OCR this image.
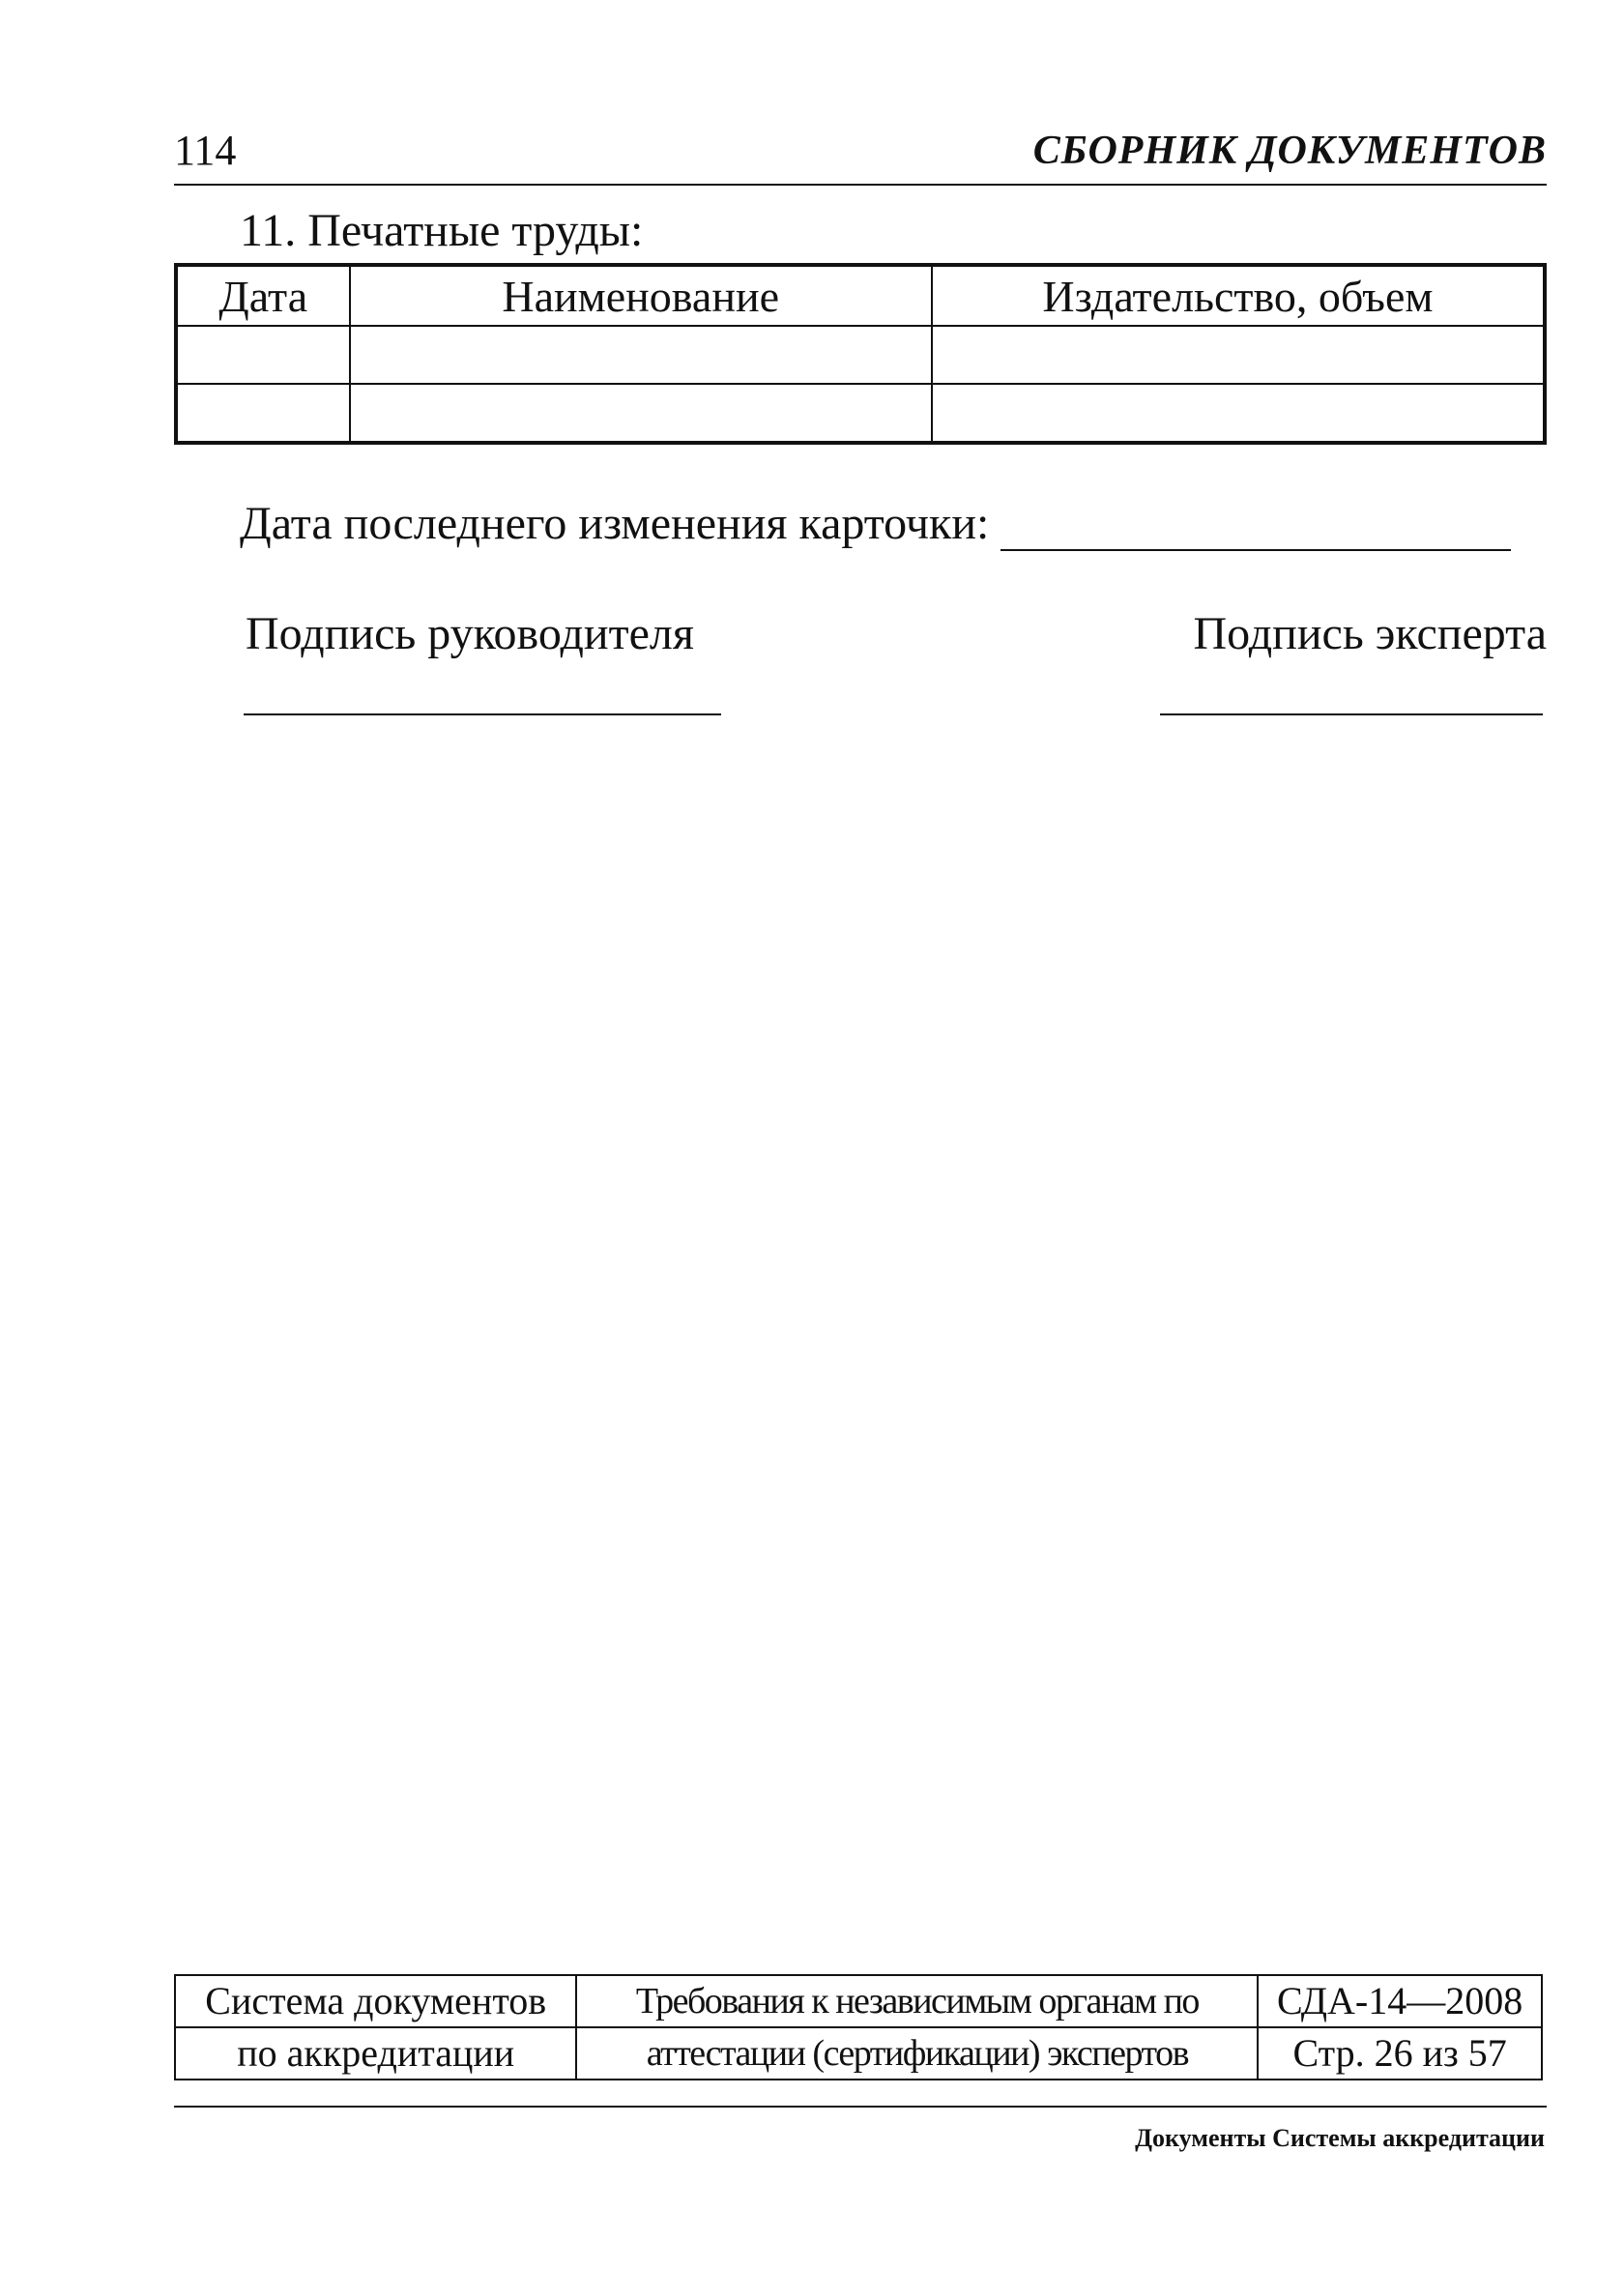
114	СБОРНИК ДОКУМЕНТОВ
11. Печатные труды:
Дата	Наименование	Издательство, объем

Дата последнего изменения карточки:
Подпись руководителя	Подпись эксперта
Система документов	Требования к независимым органам по	СДА-14—2008
по аккредитации	аттестации (сертификации) экспертов	Стр. 26 из 57
Документы Системы аккредитации
